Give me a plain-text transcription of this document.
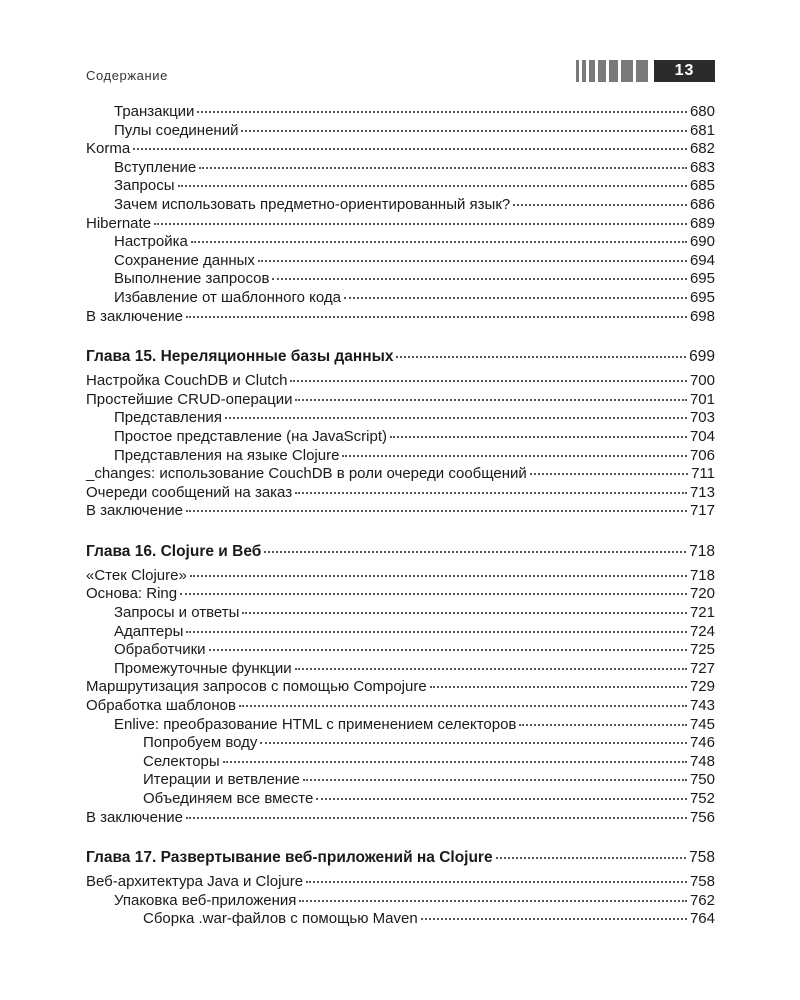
Содержание	13
Транзакции	680
Пулы соединений	681
Korma	682
Вступление	683
Запросы	685
Зачем использовать предметно-ориентированный язык?	686
Hibernate	689
Настройка	690
Сохранение данных	694
Выполнение запросов	695
Избавление от шаблонного кода	695
В заключение	698
Глава 15. Нереляционные базы данных	699
Настройка CouchDB и Clutch	700
Простейшие CRUD-операции	701
Представления	703
Простое представление (на JavaScript)	704
Представления на языке Clojure	706
_changes: использование CouchDB в роли очереди сообщений	711
Очереди сообщений на заказ	713
В заключение	717
Глава 16. Clojure и Веб	718
«Стек Clojure»	718
Основа: Ring	720
Запросы и ответы	721
Адаптеры	724
Обработчики	725
Промежуточные функции	727
Маршрутизация запросов с помощью Compojure	729
Обработка шаблонов	743
Enlive: преобразование HTML с применением селекторов	745
Попробуем воду	746
Селекторы	748
Итерации и ветвление	750
Объединяем все вместе	752
В заключение	756
Глава 17. Развертывание веб-приложений на Clojure	758
Веб-архитектура Java и Clojure	758
Упаковка веб-приложения	762
Сборка .war-файлов с помощью Maven	764
